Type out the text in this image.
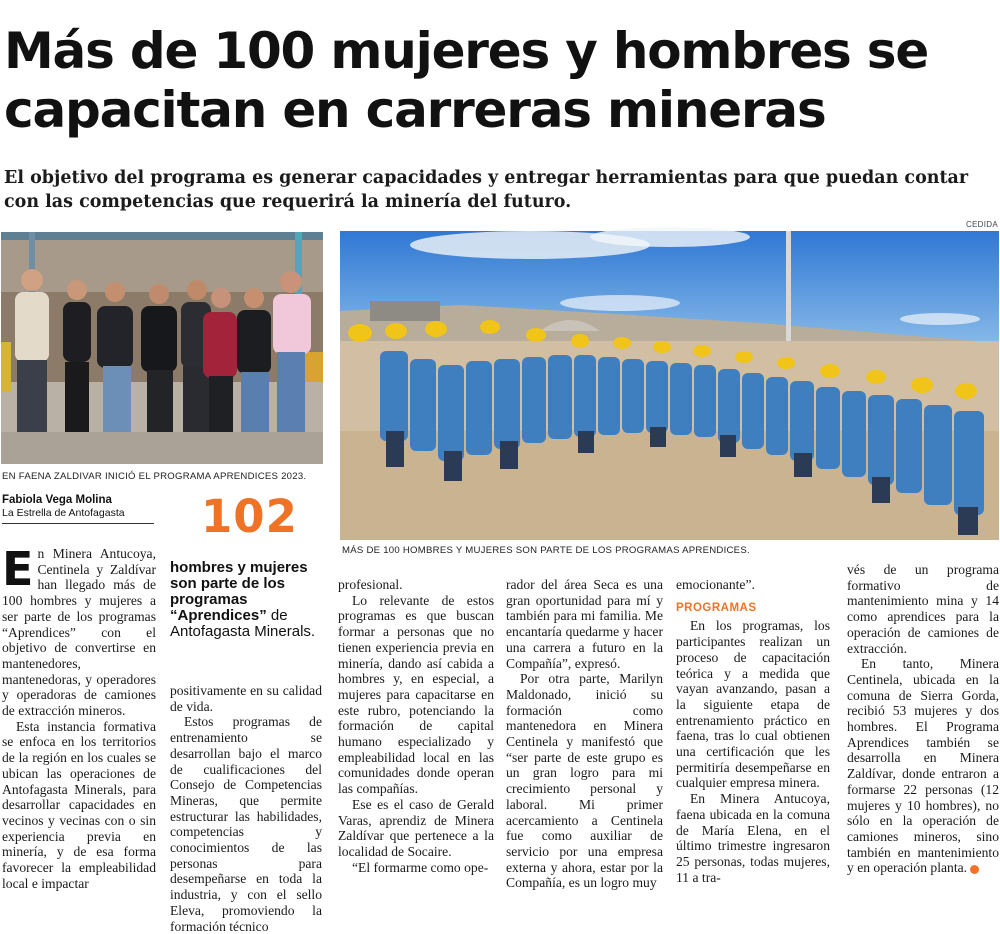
Más de 100 mujeres y hombres se capacitan en carreras mineras
El objetivo del programa es generar capacidades y entregar herramientas para que puedan contar con las competencias que requerirá la minería del futuro.
CEDIDA
EN FAENA ZALDIVAR INICIÓ EL PROGRAMA APRENDICES 2023.
MÁS DE 100 HOMBRES Y MUJERES SON PARTE DE LOS PROGRAMAS APRENDICES.
Fabiola Vega Molina
La Estrella de Antofagasta	102
hombres y mujeres son parte de los programas “Aprendices” de Antofagasta Minerals.
E n Minera Antucoya, Centinela y Zaldívar han llegado más de 100 hombres y mujeres a ser parte de los programas “Aprendices” con el objetivo de convertirse en mantenedores, mantenedoras, y operadores y operadoras de camiones de extracción mineros.

Esta instancia formativa se enfoca en los territorios de la región en los cuales se ubican las operaciones de Antofagasta Minerals, para desarrollar capacidades en vecinos y vecinas con o sin experiencia previa en minería, y de esa forma favorecer la empleabilidad local e impactar

positivamente en su calidad de vida.

Estos programas de entrenamiento se desarrollan bajo el marco de cualificaciones del Consejo de Competencias Mineras, que permite estructurar las habilidades, competencias y conocimientos de las personas para desempeñarse en toda la industria, y con el sello Eleva, promoviendo la formación técnico

profesional.

Lo relevante de estos programas es que buscan formar a personas que no tienen experiencia previa en minería, dando así cabida a hombres y, en especial, a mujeres para capacitarse en este rubro, potenciando la formación de capital humano especializado y empleabilidad local en las comunidades donde operan las compañías.

Ese es el caso de Gerald Varas, aprendiz de Minera Zaldívar que pertenece a la localidad de Socaire.

“El formarme como ope-

rador del área Seca es una gran oportunidad para mí y también para mi familia. Me encantaría quedarme y hacer una carrera a futuro en la Compañía”, expresó.

Por otra parte, Marilyn Maldonado, inició su formación como mantenedora en Minera Centinela y manifestó que “ser parte de este grupo es un gran logro para mi crecimiento personal y laboral. Mi primer acercamiento a Centinela fue como auxiliar de servicio por una empresa externa y ahora, estar por la Compañía, es un logro muy

emocionante”.

PROGRAMAS

En los programas, los participantes realizan un proceso de capacitación teórica y a medida que vayan avanzando, pasan a la siguiente etapa de entrenamiento práctico en faena, tras lo cual obtienen una certificación que les permitiría desempeñarse en cualquier empresa minera.

En Minera Antucoya, faena ubicada en la comuna de María Elena, en el último trimestre ingresaron 25 personas, todas mujeres, 11 a tra-

vés de un programa formativo de mantenimiento mina y 14 como aprendices para la operación de camiones de extracción.

En tanto, Minera Centinela, ubicada en la comuna de Sierra Gorda, recibió 53 mujeres y dos hombres. El Programa Aprendices también se desarrolla en Minera Zaldívar, donde entraron a formarse 22 personas (12 mujeres y 10 hombres), no sólo en la operación de camiones mineros, sino también en mantenimiento y en operación planta.
